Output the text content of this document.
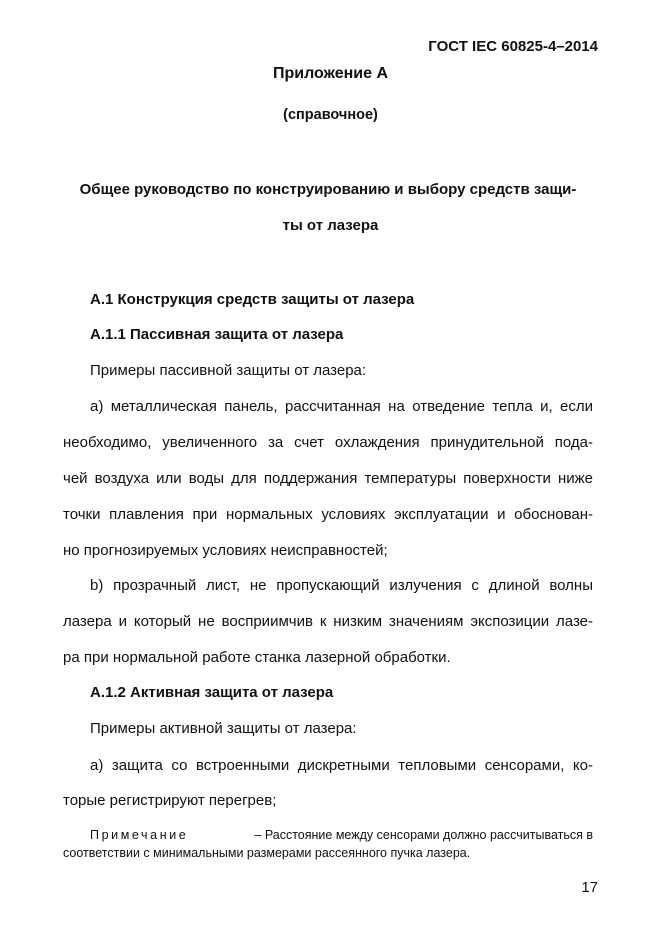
ГОСТ IEC 60825-4–2014
Приложение А
(справочное)
Общее руководство по конструированию и выбору средств защи-
ты от лазера
А.1 Конструкция средств защиты от лазера
А.1.1 Пассивная защита от лазера
Примеры пассивной защиты от лазера:
а) металлическая панель, рассчитанная на отведение тепла и, если
необходимо, увеличенного за счет охлаждения принудительной пода-
чей воздуха или воды для поддержания температуры поверхности ниже
точки плавления при нормальных условиях эксплуатации и обоснован-
но прогнозируемых условиях неисправностей;
b) прозрачный лист, не пропускающий излучения с длиной волны
лазера и который не восприимчив к низким значениям экспозиции лазе-
ра при нормальной работе станка лазерной обработки.
А.1.2 Активная защита от лазера
Примеры активной защиты от лазера:
а) защита со встроенными дискретными тепловыми сенсорами, ко-
торые регистрируют перегрев;
Примечание	– Расстояние между сенсорами должно рассчитываться в
соответствии с минимальными размерами рассеянного пучка лазера.
17
